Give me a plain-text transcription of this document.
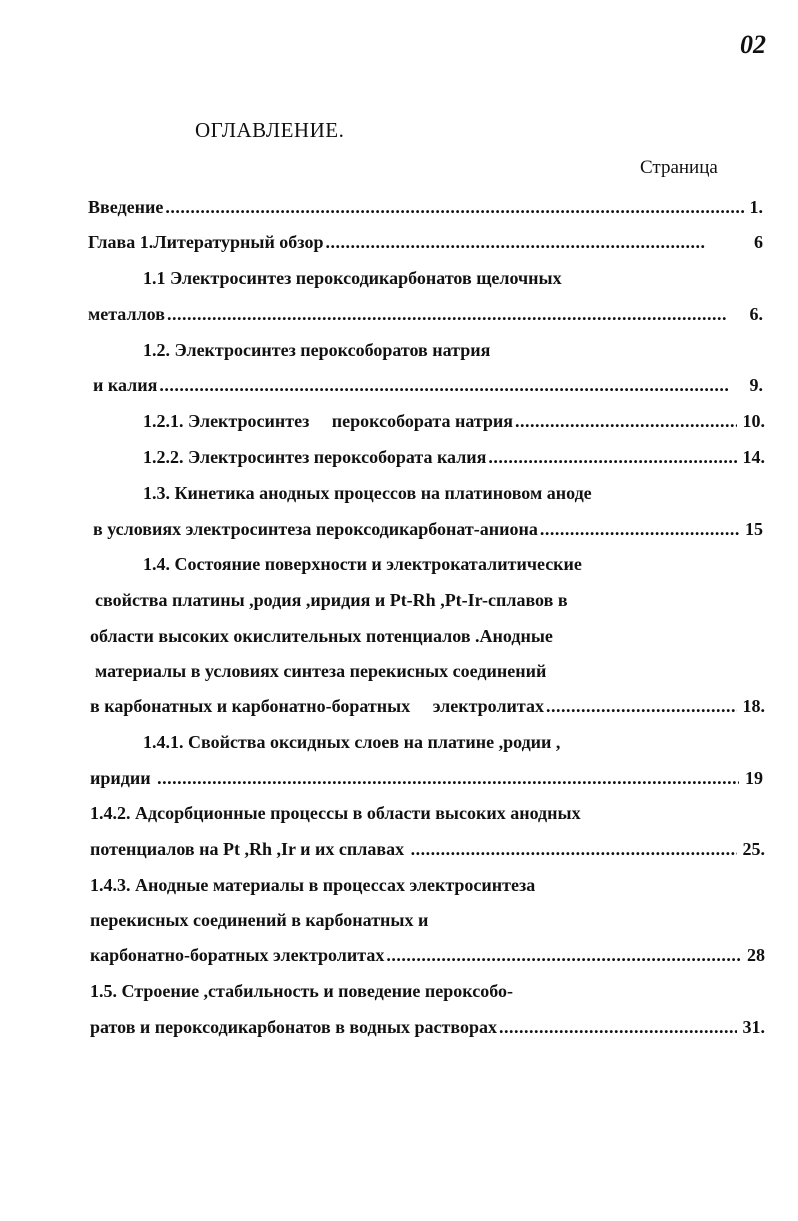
02
ОГЛАВЛЕНИЕ.
Страница
Введение .....	1.
Глава 1.Литературный обзор .....	6
1.1 Электросинтез пероксодикарбонатов щелочных
металлов .....	6.
1.2. Электросинтез пероксоборатов натрия
и калия .....	9.
1.2.1. Электросинтез     пероксобората натрия .....	10.
1.2.2. Электросинтез пероксобората калия .....	14.
1.3. Кинетика анодных процессов на платиновом аноде
в условиях электросинтеза пероксодикарбонат-аниона .....	15
1.4. Состояние поверхности и электрокаталитические
свойства платины ,родия ,иридия и Pt-Rh ,Pt-Ir-сплавов в
области высоких окислительных потенциалов .Анодные
материалы в условиях синтеза перекисных соединений
в карбонатных и карбонатно-боратных     электролитах .....	18.
1.4.1. Свойства оксидных слоев на платине ,родии ,
иридии .....	19
1.4.2. Адсорбционные процессы в области высоких анодных
потенциалов на Pt ,Rh ,Ir и их сплавах .....	25.
1.4.3. Анодные материалы в процессах электросинтеза
перекисных соединений в карбонатных и
карбонатно-боратных электролитах .....	28
1.5. Строение ,стабильность и поведение пероксобо-
ратов и пероксодикарбонатов в водных растворах .....	31.
